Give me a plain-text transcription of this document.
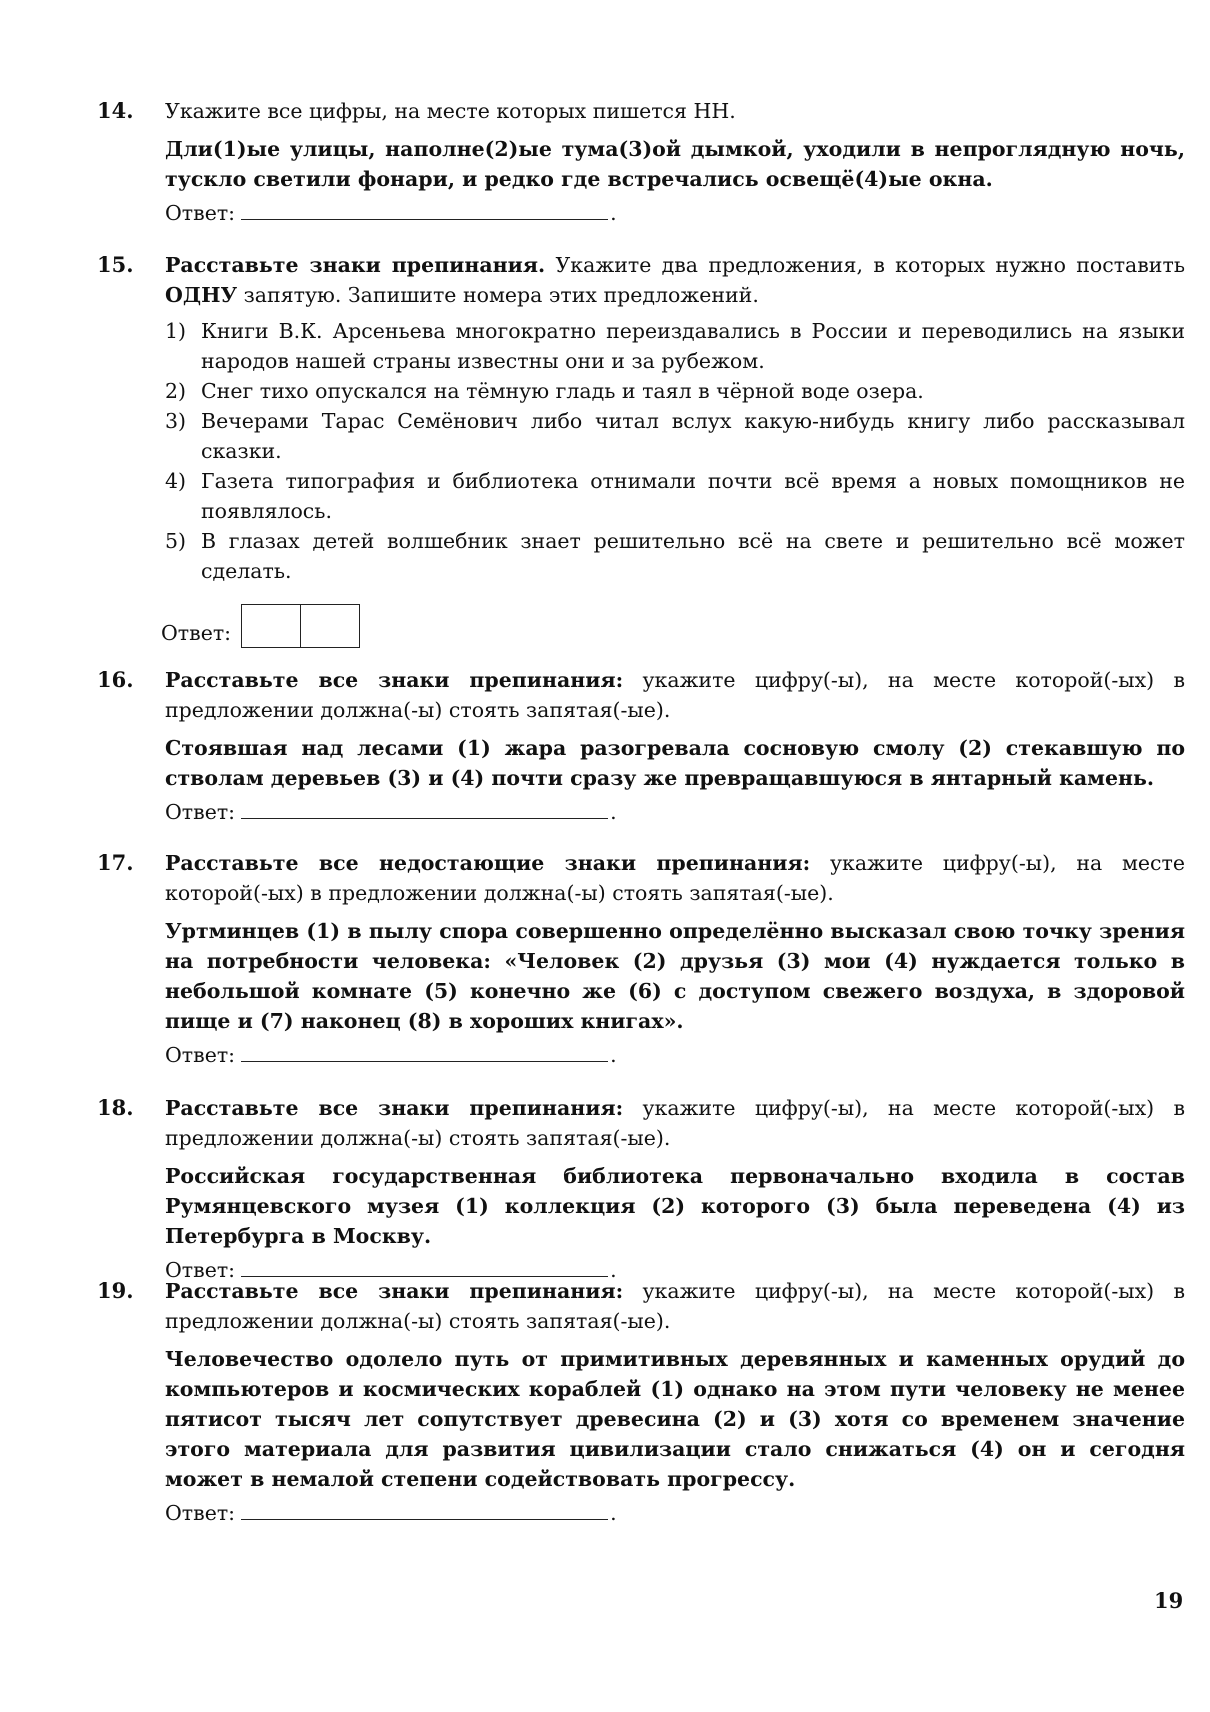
14.	Укажите все цифры, на месте которых пишется НН.
Дли(1)ые улицы, наполне(2)ые тума(3)ой дымкой, уходили в непроглядную ночь, тускло светили фонари, и редко где встречались освещё(4)ые окна.
Ответ:	.
15.	Расставьте знаки препинания. Укажите два предложения, в которых нужно поставить ОДНУ запятую. Запишите номера этих предложений.
1) Книги В.К. Арсеньева многократно переиздавались в России и переводились на языки народов нашей страны известны они и за рубежом.
2) Снег тихо опускался на тёмную гладь и таял в чёрной воде озера.
3) Вечерами Тарас Семёнович либо читал вслух какую-нибудь книгу либо рассказывал сказки.
4) Газета типография и библиотека отнимали почти всё время а новых помощников не появлялось.
5) В глазах детей волшебник знает решительно всё на свете и решительно всё может сделать.
Ответ:
16.	Расставьте все знаки препинания: укажите цифру(-ы), на месте которой(-ых) в предложении должна(-ы) стоять запятая(-ые).
Стоявшая над лесами (1) жара разогревала сосновую смолу (2) стекавшую по стволам деревьев (3) и (4) почти сразу же превращавшуюся в янтарный камень.
Ответ:	.
17.	Расставьте все недостающие знаки препинания: укажите цифру(-ы), на месте которой(-ых) в предложении должна(-ы) стоять запятая(-ые).
Уртминцев (1) в пылу спора совершенно определённо высказал свою точку зрения на потребности человека: «Человек (2) друзья (3) мои (4) нуждается только в небольшой комнате (5) конечно же (6) с доступом свежего воздуха, в здоровой пище и (7) наконец (8) в хороших книгах».
Ответ:	.
18.	Расставьте все знаки препинания: укажите цифру(-ы), на месте которой(-ых) в предложении должна(-ы) стоять запятая(-ые).
Российская государственная библиотека первоначально входила в состав Румянцевского музея (1) коллекция (2) которого (3) была переведена (4) из Петербурга в Москву.
Ответ:	.
19.	Расставьте все знаки препинания: укажите цифру(-ы), на месте которой(-ых) в предложении должна(-ы) стоять запятая(-ые).
Человечество одолело путь от примитивных деревянных и каменных орудий до компьютеров и космических кораблей (1) однако на этом пути человеку не менее пятисот тысяч лет сопутствует древесина (2) и (3) хотя со временем значение этого материала для развития цивилизации стало снижаться (4) он и сегодня может в немалой степени содействовать прогрессу.
Ответ:	.
19
